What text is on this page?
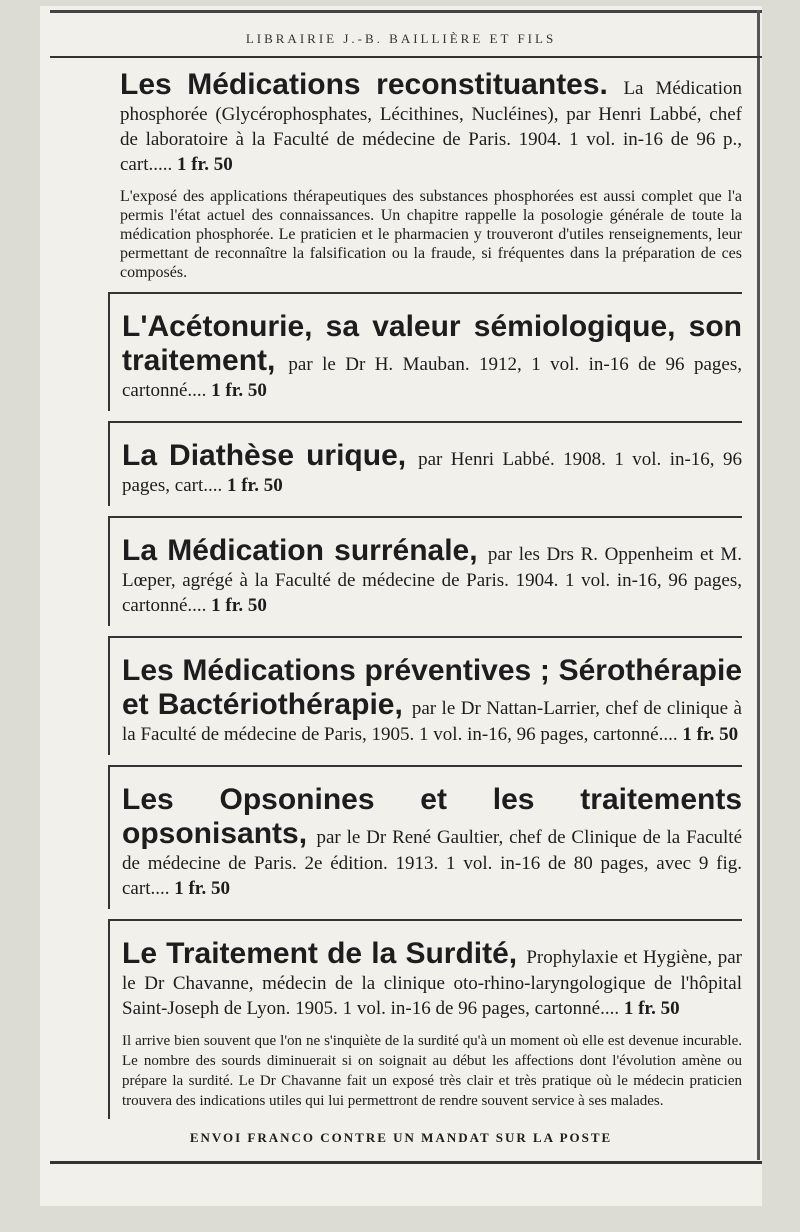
LIBRAIRIE J.-B. BAILLIÈRE ET FILS
Les Médications reconstituantes. La Médication phosphorée (Glycérophosphates, Lécithines, Nucléines), par Henri Labbé, chef de laboratoire à la Faculté de médecine de Paris. 1904. 1 vol. in-16 de 96 p., cart..... 1 fr. 50
L'exposé des applications thérapeutiques des substances phosphorées est aussi complet que l'a permis l'état actuel des connaissances. Un chapitre rappelle la posologie générale de toute la médication phosphorée. Le praticien et le pharmacien y trouveront d'utiles renseignements, leur permettant de reconnaître la falsification ou la fraude, si fréquentes dans la préparation de ces composés.
L'Acétonurie, sa valeur sémiologique, son traitement, par le Dr H. Mauban. 1912, 1 vol. in-16 de 96 pages, cartonné.... 1 fr. 50
La Diathèse urique, par Henri Labbé. 1908. 1 vol. in-16, 96 pages, cart.... 1 fr. 50
La Médication surrénale, par les Drs R. Oppenheim et M. Lœper, agrégé à la Faculté de médecine de Paris. 1904. 1 vol. in-16, 96 pages, cartonné.... 1 fr. 50
Les Médications préventives ; Sérothérapie et Bactériothérapie, par le Dr Nattan-Larrier, chef de clinique à la Faculté de médecine de Paris, 1905. 1 vol. in-16, 96 pages, cartonné.... 1 fr. 50
Les Opsonines et les traitements opsonisants, par le Dr René Gaultier, chef de Clinique de la Faculté de médecine de Paris. 2e édition. 1913. 1 vol. in-16 de 80 pages, avec 9 fig. cart.... 1 fr. 50
Le Traitement de la Surdité, Prophylaxie et Hygiène, par le Dr Chavanne, médecin de la clinique oto-rhino-laryngologique de l'hôpital Saint-Joseph de Lyon. 1905. 1 vol. in-16 de 96 pages, cartonné.... 1 fr. 50
Il arrive bien souvent que l'on ne s'inquiète de la surdité qu'à un moment où elle est devenue incurable. Le nombre des sourds diminuerait si on soignait au début les affections dont l'évolution amène ou prépare la surdité. Le Dr Chavanne fait un exposé très clair et très pratique où le médecin praticien trouvera des indications utiles qui lui permettront de rendre souvent service à ses malades.
ENVOI FRANCO CONTRE UN MANDAT SUR LA POSTE
